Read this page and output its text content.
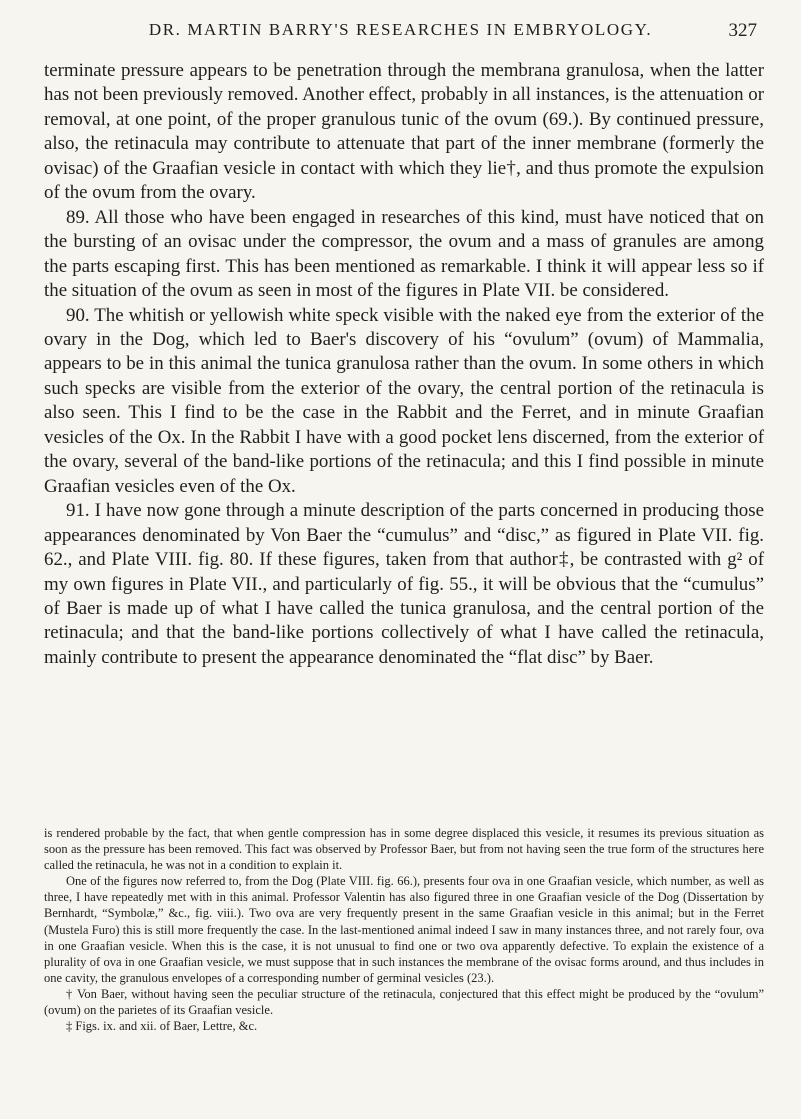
DR. MARTIN BARRY'S RESEARCHES IN EMBRYOLOGY.	327

terminate pressure appears to be penetration through the membrana granulosa, when the latter has not been previously removed. Another effect, probably in all instances, is the attenuation or removal, at one point, of the proper granulous tunic of the ovum (69.). By continued pressure, also, the retinacula may contribute to attenuate that part of the inner membrane (formerly the ovisac) of the Graafian vesicle in contact with which they lie†, and thus promote the expulsion of the ovum from the ovary.

89. All those who have been engaged in researches of this kind, must have noticed that on the bursting of an ovisac under the compressor, the ovum and a mass of granules are among the parts escaping first. This has been mentioned as remarkable. I think it will appear less so if the situation of the ovum as seen in most of the figures in Plate VII. be considered.

90. The whitish or yellowish white speck visible with the naked eye from the exterior of the ovary in the Dog, which led to Baer's discovery of his “ovulum” (ovum) of Mammalia, appears to be in this animal the tunica granulosa rather than the ovum. In some others in which such specks are visible from the exterior of the ovary, the central portion of the retinacula is also seen. This I find to be the case in the Rabbit and the Ferret, and in minute Graafian vesicles of the Ox. In the Rabbit I have with a good pocket lens discerned, from the exterior of the ovary, several of the band-like portions of the retinacula; and this I find possible in minute Graafian vesicles even of the Ox.

91. I have now gone through a minute description of the parts concerned in producing those appearances denominated by Von Baer the “cumulus” and “disc,” as figured in Plate VII. fig. 62., and Plate VIII. fig. 80. If these figures, taken from that author‡, be contrasted with g² of my own figures in Plate VII., and particularly of fig. 55., it will be obvious that the “cumulus” of Baer is made up of what I have called the tunica granulosa, and the central portion of the retinacula; and that the band-like portions collectively of what I have called the retinacula, mainly contribute to present the appearance denominated the “flat disc” by Baer.

is rendered probable by the fact, that when gentle compression has in some degree displaced this vesicle, it resumes its previous situation as soon as the pressure has been removed. This fact was observed by Professor Baer, but from not having seen the true form of the structures here called the retinacula, he was not in a condition to explain it.

One of the figures now referred to, from the Dog (Plate VIII. fig. 66.), presents four ova in one Graafian vesicle, which number, as well as three, I have repeatedly met with in this animal. Professor Valentin has also figured three in one Graafian vesicle of the Dog (Dissertation by Bernhardt, “Symbolæ,” &c., fig. viii.). Two ova are very frequently present in the same Graafian vesicle in this animal; but in the Ferret (Mustela Furo) this is still more frequently the case. In the last-mentioned animal indeed I saw in many instances three, and not rarely four, ova in one Graafian vesicle. When this is the case, it is not unusual to find one or two ova apparently defective. To explain the existence of a plurality of ova in one Graafian vesicle, we must suppose that in such instances the membrane of the ovisac forms around, and thus includes in one cavity, the granulous envelopes of a corresponding number of germinal vesicles (23.).

† Von Baer, without having seen the peculiar structure of the retinacula, conjectured that this effect might be produced by the “ovulum” (ovum) on the parietes of its Graafian vesicle.

‡ Figs. ix. and xii. of Baer, Lettre, &c.
